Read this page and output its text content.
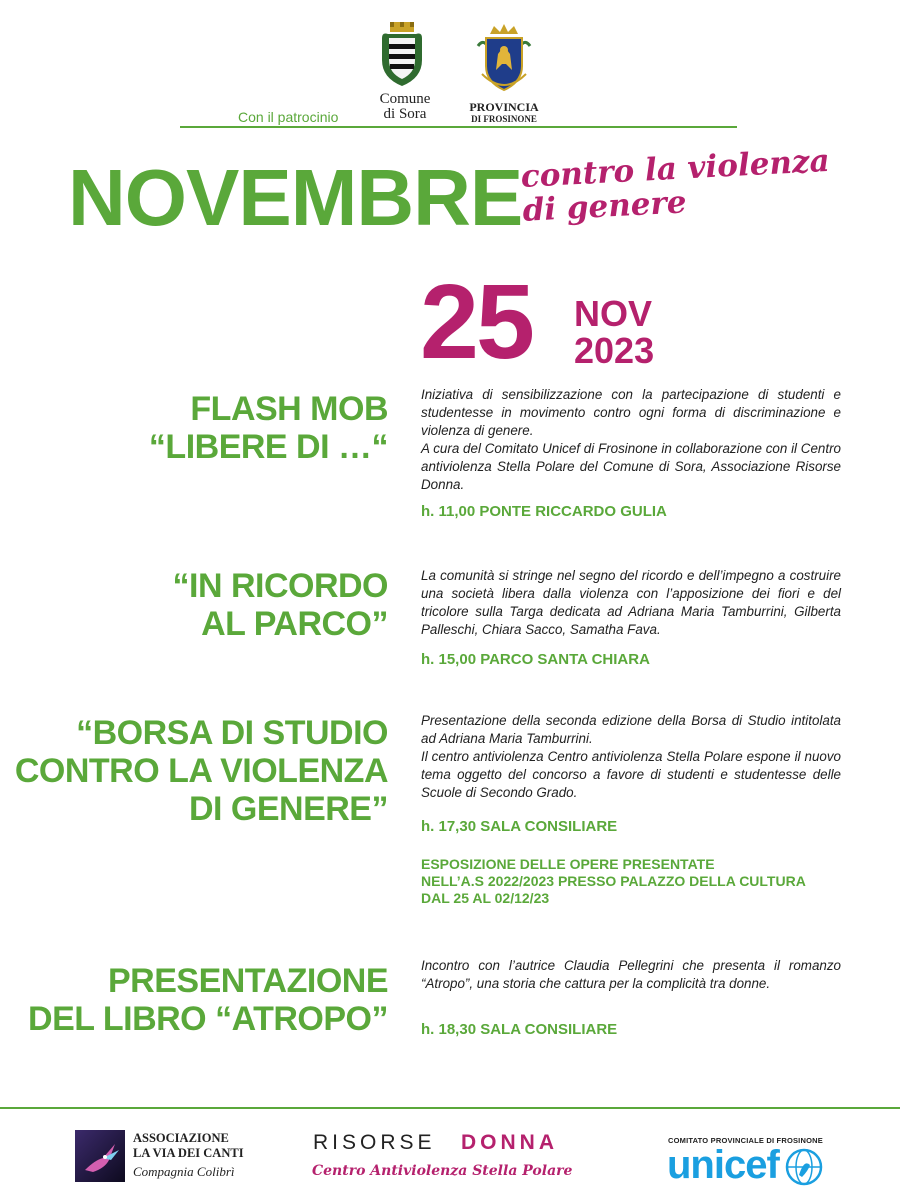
Con il patrocinio
Comune
di Sora	PROVINCIA
DI FROSINONE
NOVEMBRE
contro la violenza
di genere
25 NOV
2023
FLASH MOB
“LIBERE DI …“
Iniziativa di sensibilizzazione con la partecipazione di studenti e studentesse in movimento contro ogni forma di discriminazione e violenza di genere.
A cura del Comitato Unicef di Frosinone in collaborazione con il Centro antiviolenza Stella Polare del Comune di Sora, Associazione Risorse Donna.
h. 11,00 PONTE RICCARDO GULIA
“IN RICORDO
AL PARCO”
La comunità si stringe nel segno del ricordo e dell’impegno a costruire una società libera dalla violenza con l’apposizione dei fiori e del tricolore sulla Targa dedicata ad Adriana Maria Tamburrini, Gilberta Palleschi, Chiara Sacco, Samatha Fava.
h. 15,00 PARCO SANTA CHIARA
“BORSA DI STUDIO
CONTRO LA VIOLENZA
DI GENERE”
Presentazione della seconda edizione della Borsa di Studio intitolata ad Adriana Maria Tamburrini.
Il centro antiviolenza Centro antiviolenza Stella Polare espone il nuovo tema oggetto del concorso a favore di studenti e studentesse delle Scuole di Secondo Grado.
h. 17,30 SALA CONSILIARE
ESPOSIZIONE DELLE OPERE PRESENTATE
NELL’A.S 2022/2023 PRESSO PALAZZO DELLA CULTURA
DAL 25 AL 02/12/23
PRESENTAZIONE
DEL LIBRO “ATROPO”
Incontro con l’autrice Claudia Pellegrini che presenta il romanzo “Atropo”, una storia che cattura per la complicità tra donne.
h. 18,30 SALA CONSILIARE
ASSOCIAZIONE
LA VIA DEI CANTI
Compagnia Colibrì
RISORSE DONNA
Centro Antiviolenza Stella Polare
COMITATO PROVINCIALE DI FROSINONE
unicef
